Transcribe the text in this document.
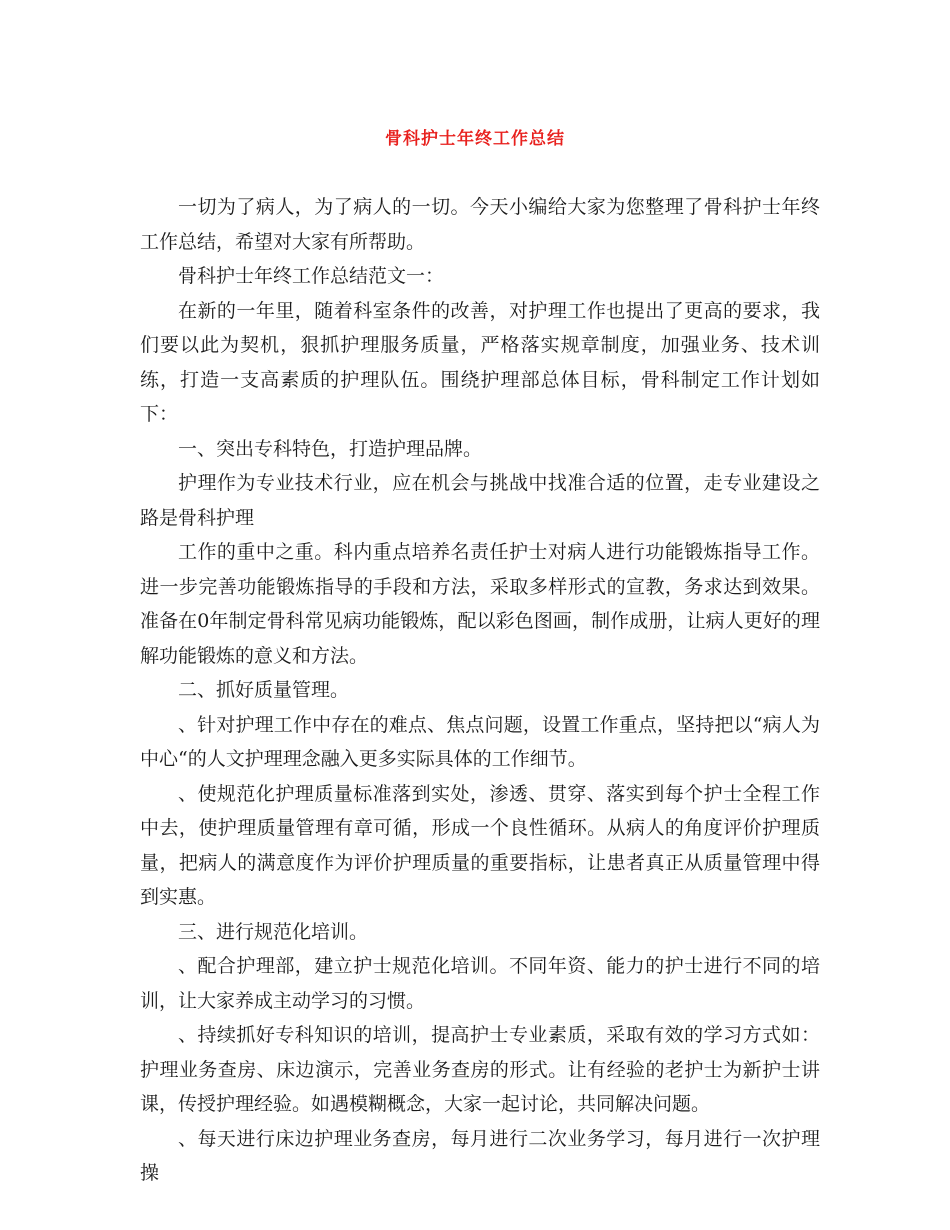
骨科护士年终工作总结

一切为了病人，为了病人的一切。今天小编给大家为您整理了骨科护士年终工作总结，希望对大家有所帮助。

骨科护士年终工作总结范文一：

在新的一年里，随着科室条件的改善，对护理工作也提出了更高的要求，我们要以此为契机，狠抓护理服务质量，严格落实规章制度，加强业务、技术训练，打造一支高素质的护理队伍。围绕护理部总体目标，骨科制定工作计划如下：

一、突出专科特色，打造护理品牌。

护理作为专业技术行业，应在机会与挑战中找准合适的位置，走专业建设之路是骨科护理

工作的重中之重。科内重点培养名责任护士对病人进行功能锻炼指导工作。进一步完善功能锻炼指导的手段和方法，采取多样形式的宣教，务求达到效果。准备在0年制定骨科常见病功能锻炼，配以彩色图画，制作成册，让病人更好的理解功能锻炼的意义和方法。

二、抓好质量管理。

、针对护理工作中存在的难点、焦点问题，设置工作重点，坚持把以“病人为中心“的人文护理理念融入更多实际具体的工作细节。

、使规范化护理质量标准落到实处，渗透、贯穿、落实到每个护士全程工作中去，使护理质量管理有章可循，形成一个良性循环。从病人的角度评价护理质量，把病人的满意度作为评价护理质量的重要指标，让患者真正从质量管理中得到实惠。

三、进行规范化培训。

、配合护理部，建立护士规范化培训。不同年资、能力的护士进行不同的培训，让大家养成主动学习的习惯。

、持续抓好专科知识的培训，提高护士专业素质，采取有效的学习方式如：护理业务查房、床边演示，完善业务查房的形式。让有经验的老护士为新护士讲课，传授护理经验。如遇模糊概念，大家一起讨论，共同解决问题。

、每天进行床边护理业务查房，每月进行二次业务学习，每月进行一次护理操
